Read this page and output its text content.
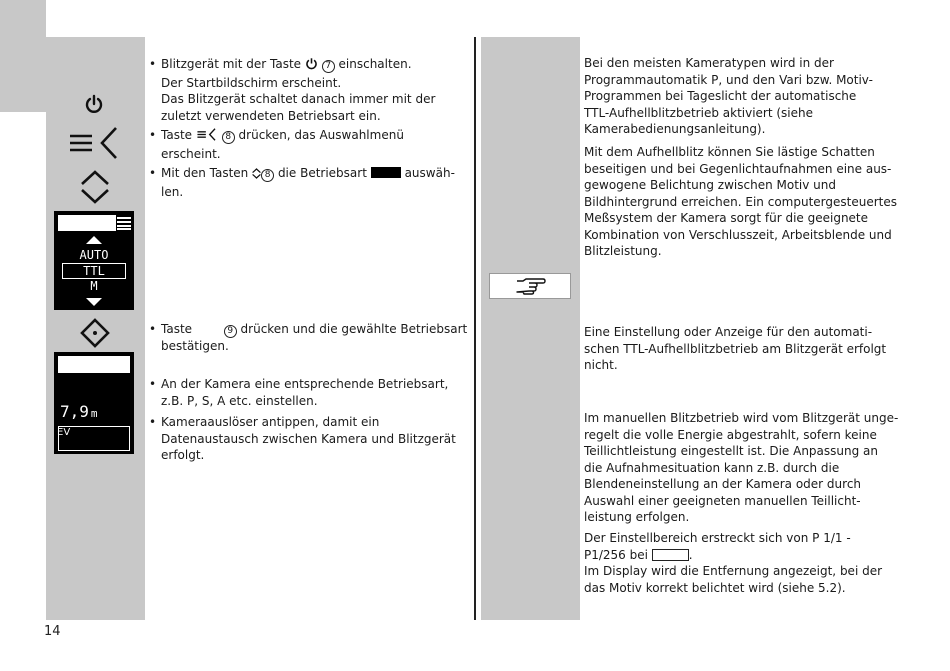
AUTO
TTL
M
7,9 m
EV
• Blitzgerät mit der Taste	7 einschalten.
Der Startbildschirm erscheint.
Das Blitzgerät schaltet danach immer mit der
zuletzt verwendeten Betriebsart ein.
• Taste	8 drücken, das Auswahlmenü
erscheint.
• Mit den Tasten 8 die Betriebsart	auswäh-
len.
• Taste	9 drücken und die gewählte Betriebsart
bestätigen.
• An der Kamera eine entsprechende Betriebsart,
z.B. P, S, A etc. einstellen.
• Kameraauslöser antippen, damit ein
Datenaustausch zwischen Kamera und Blitzgerät
erfolgt.
Bei den meisten Kameratypen wird in der
Programmautomatik P, und den Vari bzw. Motiv-
Programmen bei Tageslicht der automatische
TTL-Aufhellblitzbetrieb aktiviert (siehe
Kamerabedienungsanleitung).
Mit dem Aufhellblitz können Sie lästige Schatten
beseitigen und bei Gegenlichtaufnahmen eine aus-
gewogene Belichtung zwischen Motiv und
Bildhintergrund erreichen. Ein computergesteuertes
Meßsystem der Kamera sorgt für die geeignete
Kombination von Verschlusszeit, Arbeitsblende und
Blitzleistung.
Eine Einstellung oder Anzeige für den automati-
schen TTL-Aufhellblitzbetrieb am Blitzgerät erfolgt
nicht.
Im manuellen Blitzbetrieb wird vom Blitzgerät unge-
regelt die volle Energie abgestrahlt, sofern keine
Teillichtleistung eingestellt ist. Die Anpassung an
die Aufnahmesituation kann z.B. durch die
Blendeneinstellung an der Kamera oder durch
Auswahl einer geeigneten manuellen Teillicht-
leistung erfolgen.
Der Einstellbereich erstreckt sich von P 1/1 -
P1/256 bei	.
Im Display wird die Entfernung angezeigt, bei der
das Motiv korrekt belichtet wird (siehe 5.2).
14
